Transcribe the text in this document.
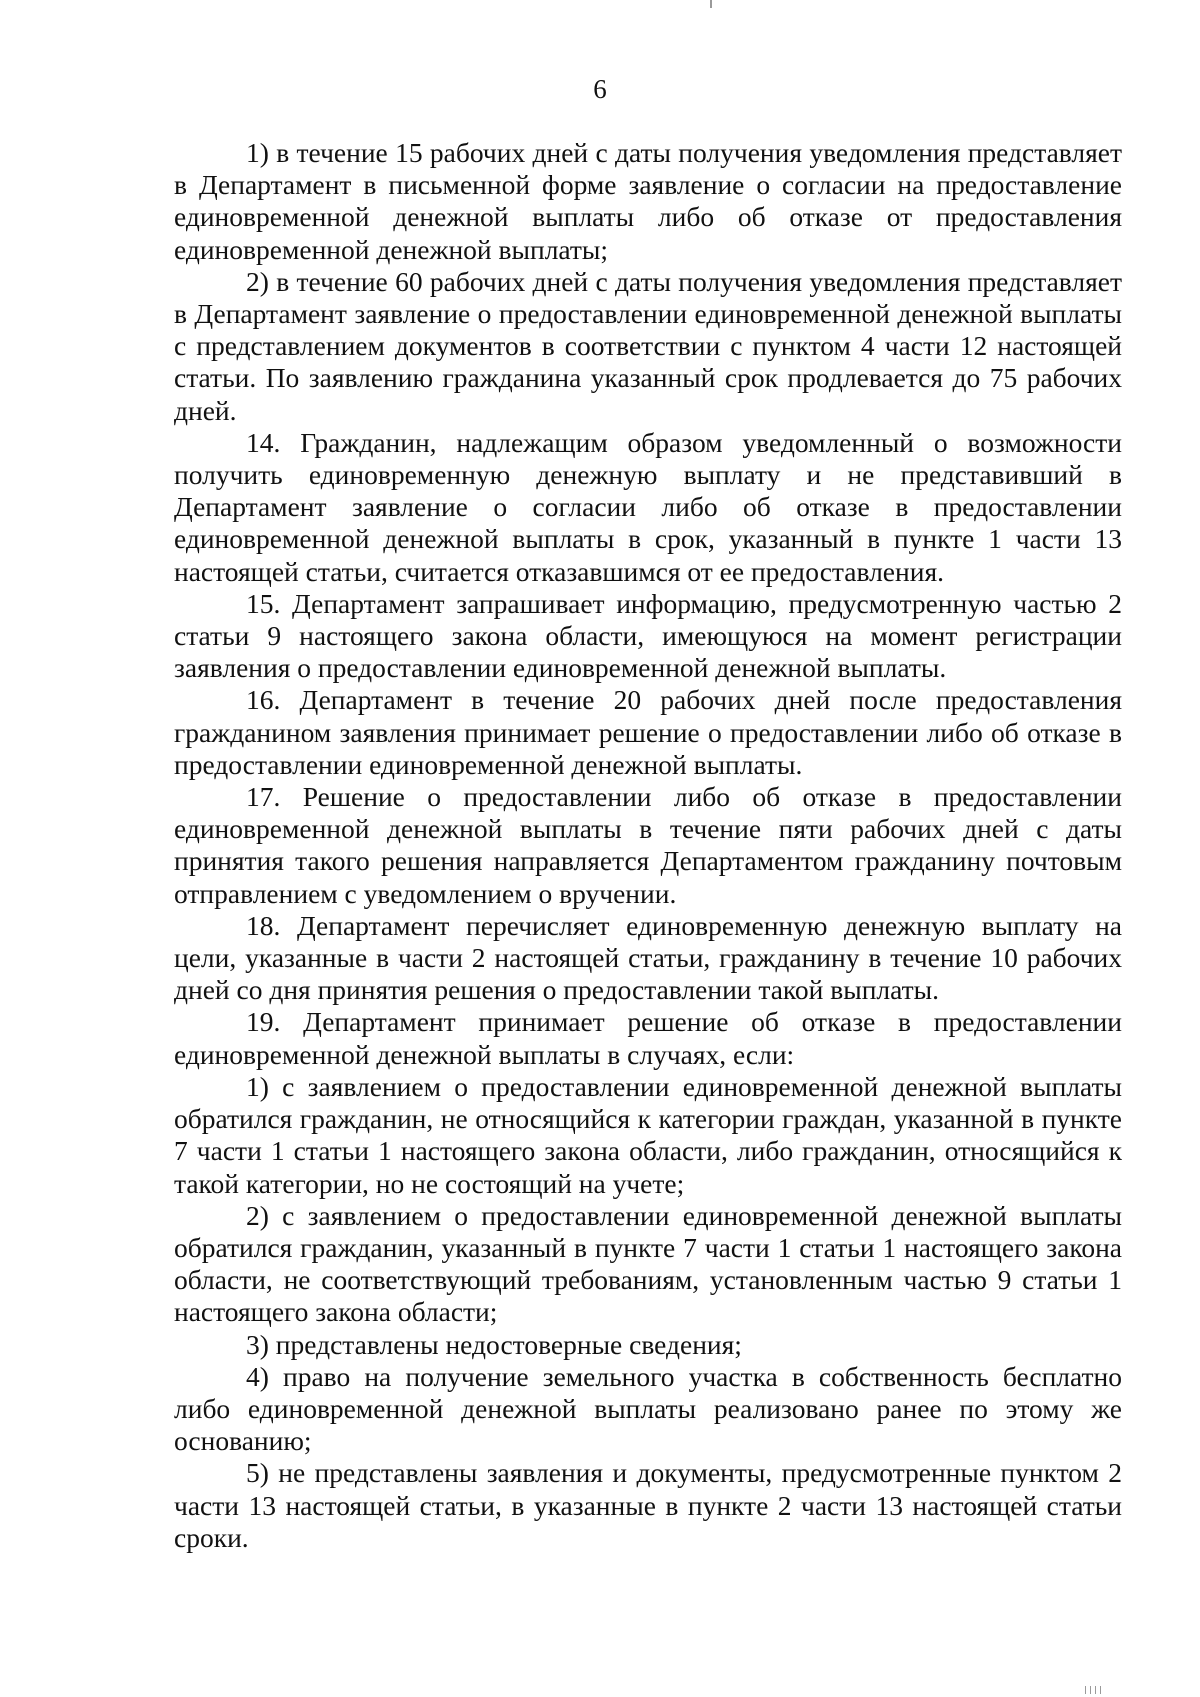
6

1) в течение 15 рабочих дней с даты получения уведомления представляет в Департамент в письменной форме заявление о согласии на предоставление единовременной денежной выплаты либо об отказе от предоставления единовременной денежной выплаты;

2) в течение 60 рабочих дней с даты получения уведомления представляет в Департамент заявление о предоставлении единовременной денежной выплаты с представлением документов в соответствии с пунктом 4 части 12 настоящей статьи. По заявлению гражданина указанный срок продлевается до 75 рабочих дней.

14. Гражданин, надлежащим образом уведомленный о возможности получить единовременную денежную выплату и не представивший в Департамент заявление о согласии либо об отказе в предоставлении единовременной денежной выплаты в срок, указанный в пункте 1 части 13 настоящей статьи, считается отказавшимся от ее предоставления.

15. Департамент запрашивает информацию, предусмотренную частью 2 статьи 9 настоящего закона области, имеющуюся на момент регистрации заявления о предоставлении единовременной денежной выплаты.

16. Департамент в течение 20 рабочих дней после предоставления гражданином заявления принимает решение о предоставлении либо об отказе в предоставлении единовременной денежной выплаты.

17. Решение о предоставлении либо об отказе в предоставлении единовременной денежной выплаты в течение пяти рабочих дней с даты принятия такого решения направляется Департаментом гражданину почтовым отправлением с уведомлением о вручении.

18. Департамент перечисляет единовременную денежную выплату на цели, указанные в части 2 настоящей статьи, гражданину в течение 10 рабочих дней со дня принятия решения о предоставлении такой выплаты.

19. Департамент принимает решение об отказе в предоставлении единовременной денежной выплаты в случаях, если:

1) с заявлением о предоставлении единовременной денежной выплаты обратился гражданин, не относящийся к категории граждан, указанной в пункте 7 части 1 статьи 1 настоящего закона области, либо гражданин, относящийся к такой категории, но не состоящий на учете;

2) с заявлением о предоставлении единовременной денежной выплаты обратился гражданин, указанный в пункте 7 части 1 статьи 1 настоящего закона области, не соответствующий требованиям, установленным частью 9 статьи 1 настоящего закона области;

3) представлены недостоверные сведения;

4) право на получение земельного участка в собственность бесплатно либо единовременной денежной выплаты реализовано ранее по этому же основанию;

5) не представлены заявления и документы, предусмотренные пунктом 2 части 13 настоящей статьи, в указанные в пункте 2 части 13 настоящей статьи сроки.
